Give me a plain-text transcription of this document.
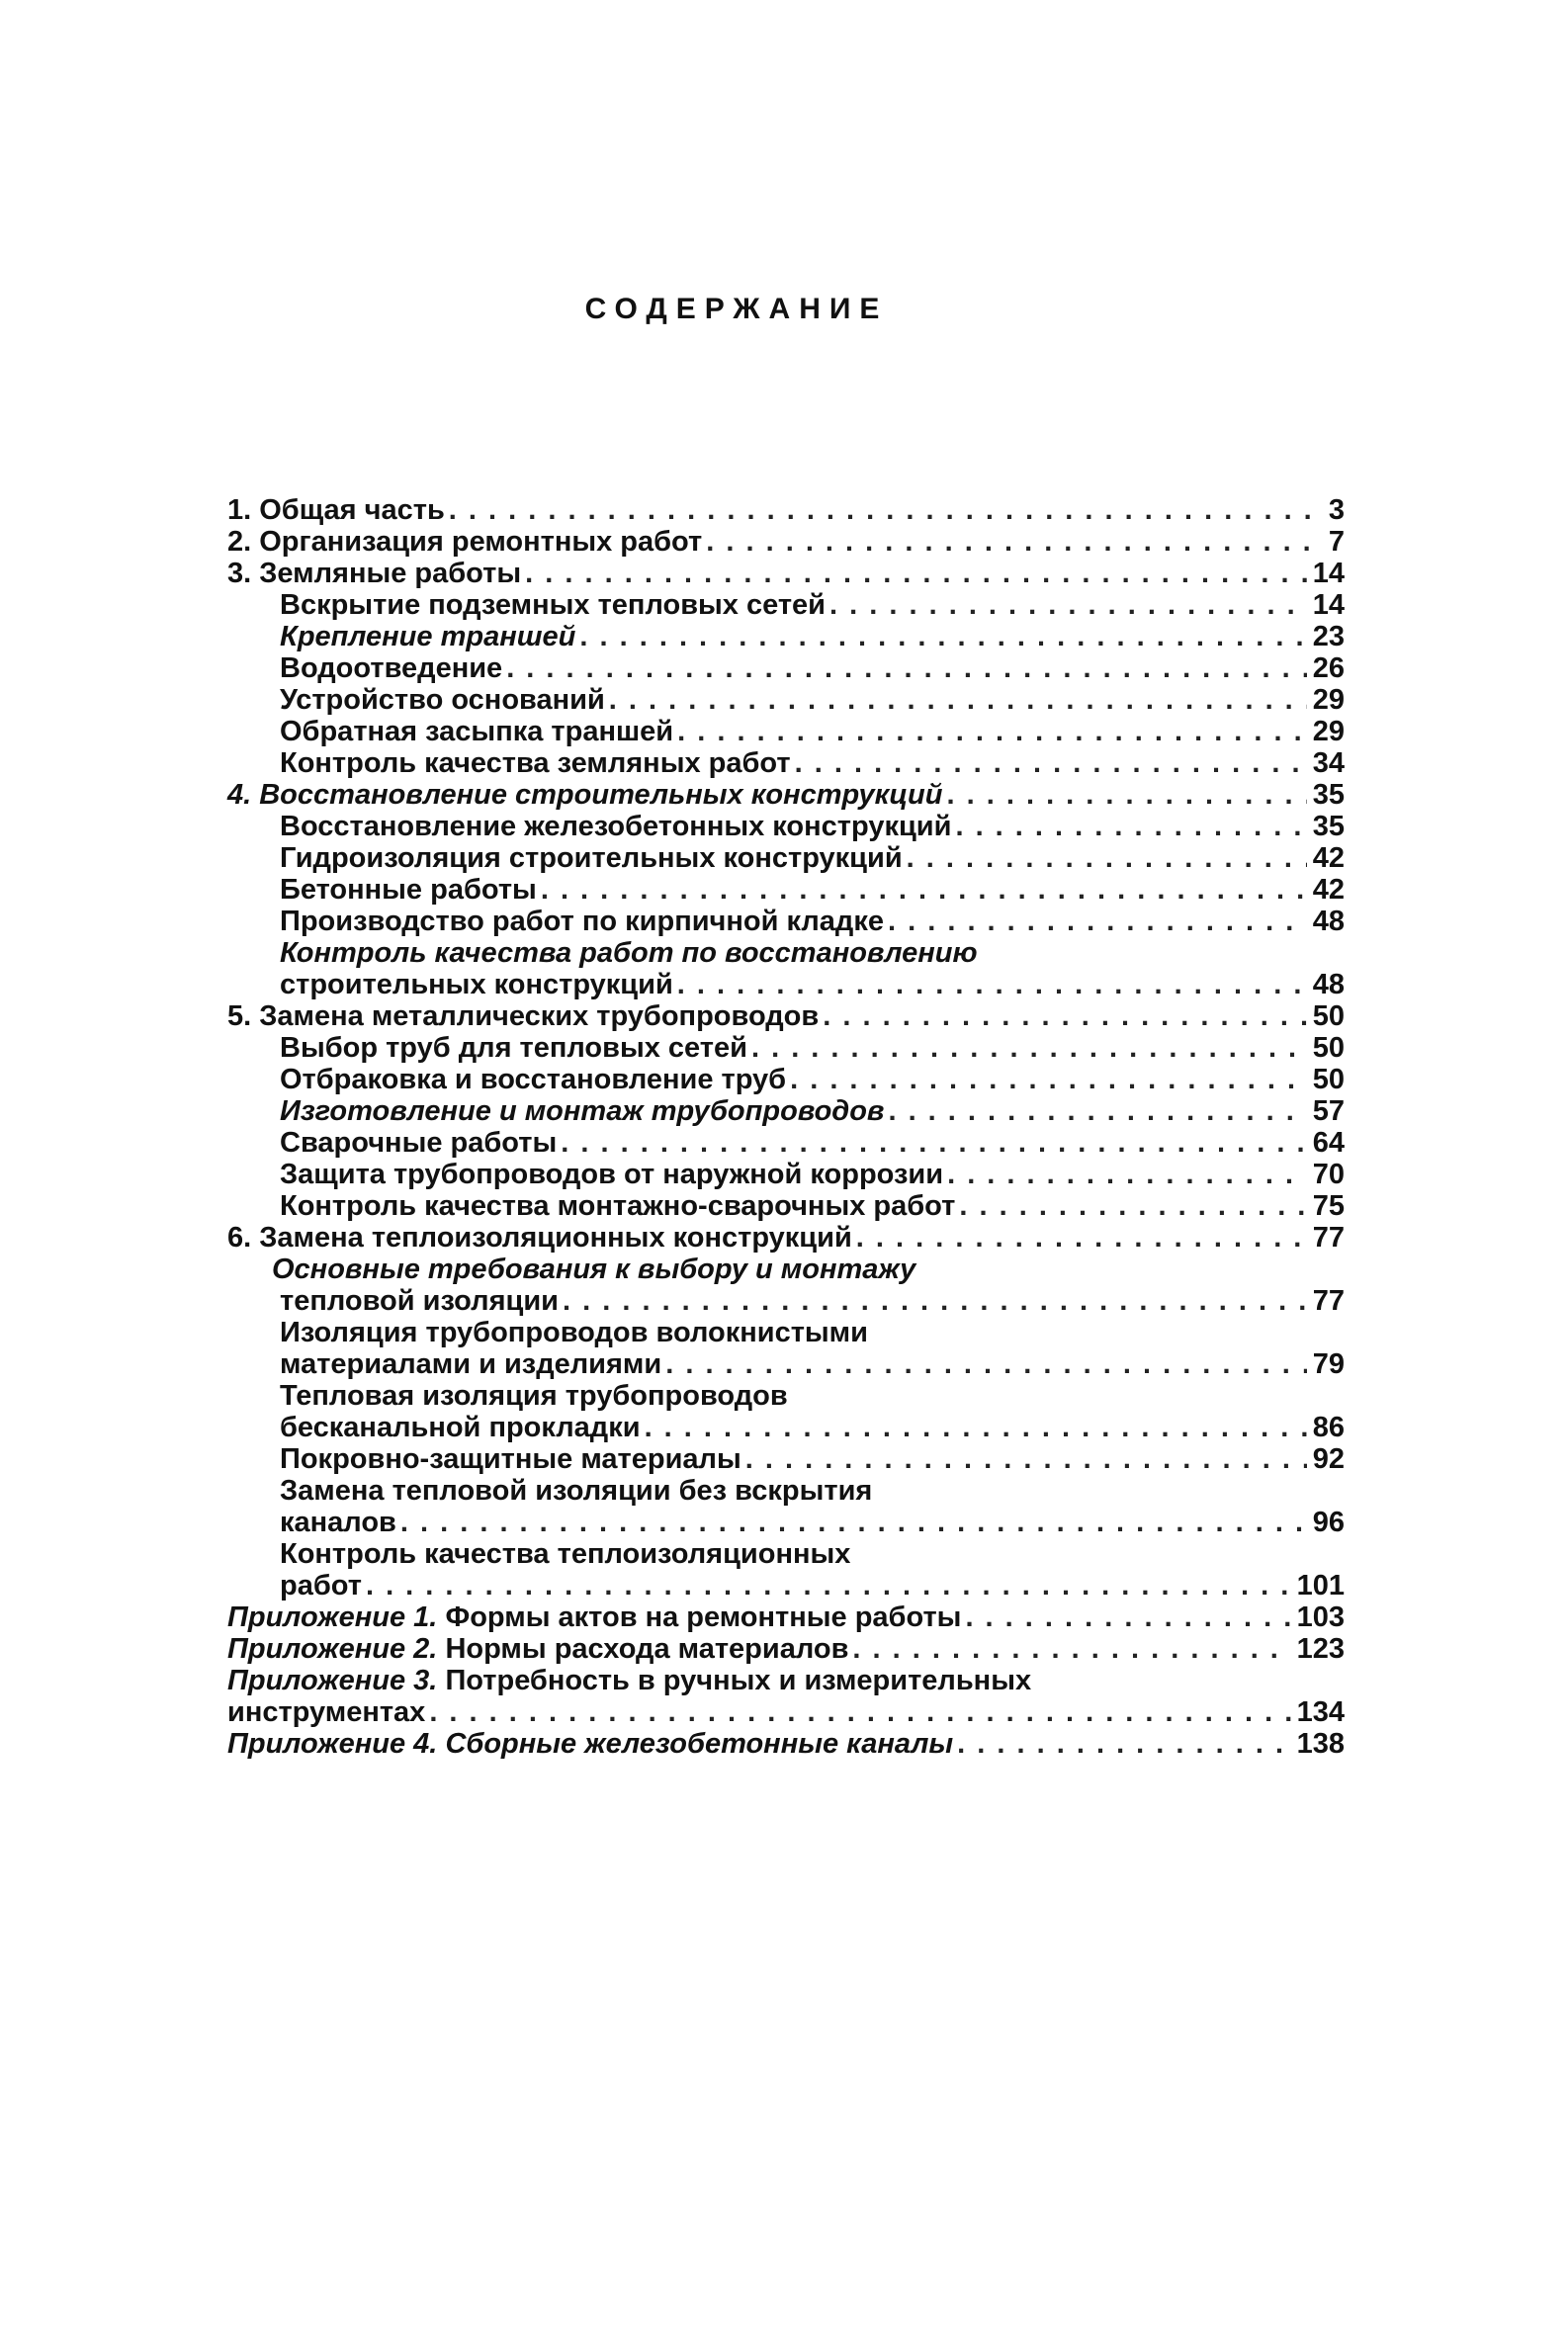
СОДЕРЖАНИЕ
1. Общая часть . . .	3
2. Организация ремонтных работ . . .	7
3. Земляные работы . . .	14
Вскрытие подземных тепловых сетей . . .	14
Крепление траншей . . .	23
Водоотведение . . .	26
Устройство оснований . . .	29
Обратная засыпка траншей . . .	29
Контроль качества земляных работ . . .	34
4. Восстановление строительных конструкций . . .	35
Восстановление железобетонных конструкций . . .	35
Гидроизоляция строительных конструкций . . .	42
Бетонные работы . . .	42
Производство работ по кирпичной кладке . . .	48
Контроль качества работ по восстановлению
строительных конструкций . . .	48
5. Замена металлических трубопроводов . . .	50
Выбор труб для тепловых сетей . . .	50
Отбраковка и восстановление труб . . .	50
Изготовление и монтаж трубопроводов . . .	57
Сварочные работы . . .	64
Защита трубопроводов от наружной коррозии . . .	70
Контроль качества монтажно-сварочных работ . . .	75
6. Замена теплоизоляционных конструкций . . .	77
Основные требования к выбору и монтажу
тепловой изоляции . . .	77
Изоляция трубопроводов волокнистыми
материалами и изделиями . . .	79
Тепловая изоляция трубопроводов
бесканальной прокладки . . .	86
Покровно-защитные материалы . . .	92
Замена тепловой изоляции без вскрытия
каналов . . .	96
Контроль качества теплоизоляционных
работ . . .	101
Приложение 1.
Формы актов на ремонтные работы . . .	103
Приложение 2.
Нормы расхода материалов . . .	123
Приложение 3. Потребность в ручных и измерительных
инструментах . . .	134
Приложение 4.
Сборные железобетонные каналы . . .	138
